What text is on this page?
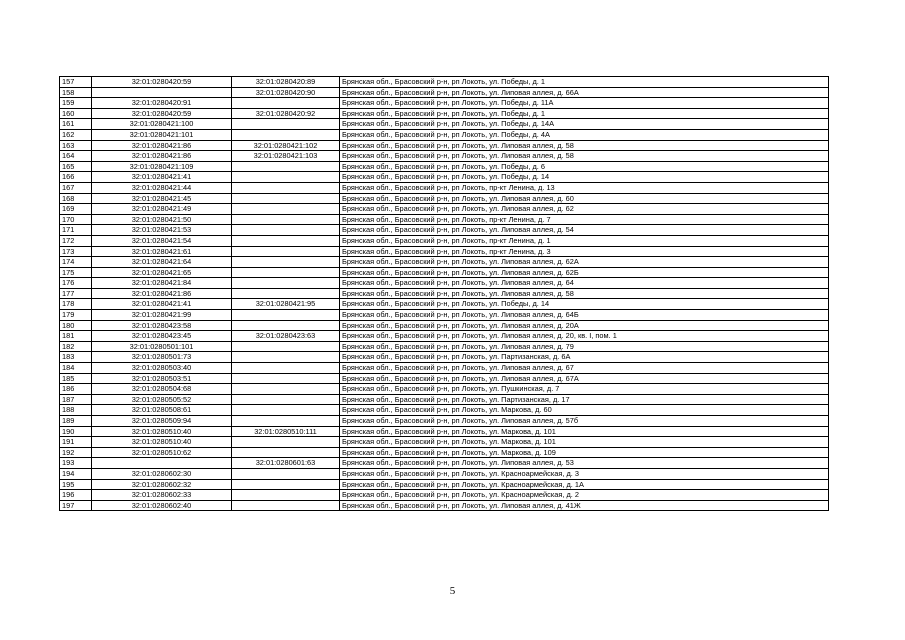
157	32:01:0280420:59	32:01:0280420:89	Брянская обл., Брасовский р-н, рп Локоть, ул. Победы, д. 1
158		32:01:0280420:90	Брянская обл., Брасовский р-н, рп Локоть, ул. Липовая аллея, д. 66А
159	32:01:0280420:91		Брянская обл., Брасовский р-н, рп Локоть, ул. Победы, д. 11А
160	32:01:0280420:59	32:01:0280420:92	Брянская обл., Брасовский р-н, рп Локоть, ул. Победы, д. 1
161	32:01:0280421:100		Брянская обл., Брасовский р-н, рп Локоть, ул. Победы, д. 14А
162	32:01:0280421:101		Брянская обл., Брасовский р-н, рп Локоть, ул. Победы, д. 4А
163	32:01:0280421:86	32:01:0280421:102	Брянская обл., Брасовский р-н, рп Локоть, ул. Липовая аллея, д. 58
164	32:01:0280421:86	32:01:0280421:103	Брянская обл., Брасовский р-н, рп Локоть, ул. Липовая аллея, д. 58
165	32:01:0280421:109		Брянская обл., Брасовский р-н, рп Локоть, ул. Победы, д. 6
166	32:01:0280421:41		Брянская обл., Брасовский р-н, рп Локоть, ул. Победы, д. 14
167	32:01:0280421:44		Брянская обл., Брасовский р-н, рп Локоть, пр-кт Ленина, д. 13
168	32:01:0280421:45		Брянская обл., Брасовский р-н, рп Локоть, ул. Липовая аллея, д. 60
169	32:01:0280421:49		Брянская обл., Брасовский р-н, рп Локоть, ул. Липовая аллея, д. 62
170	32:01:0280421:50		Брянская обл., Брасовский р-н, рп Локоть, пр-кт Ленина, д. 7
171	32:01:0280421:53		Брянская обл., Брасовский р-н, рп Локоть, ул. Липовая аллея, д. 54
172	32:01:0280421:54		Брянская обл., Брасовский р-н, рп Локоть, пр-кт Ленина, д. 1
173	32:01:0280421:61		Брянская обл., Брасовский р-н, рп Локоть, пр-кт Ленина, д. 3
174	32:01:0280421:64		Брянская обл., Брасовский р-н, рп Локоть, ул. Липовая аллея, д. 62А
175	32:01:0280421:65		Брянская обл., Брасовский р-н, рп Локоть, ул. Липовая аллея, д. 62Б
176	32:01:0280421:84		Брянская обл., Брасовский р-н, рп Локоть, ул. Липовая аллея, д. 64
177	32:01:0280421:86		Брянская обл., Брасовский р-н, рп Локоть, ул. Липовая аллея, д. 58
178	32:01:0280421:41	32:01:0280421:95	Брянская обл., Брасовский р-н, рп Локоть, ул. Победы, д. 14
179	32:01:0280421:99		Брянская обл., Брасовский р-н, рп Локоть, ул. Липовая аллея, д. 64Б
180	32:01:0280423:58		Брянская обл., Брасовский р-н, рп Локоть, ул. Липовая аллея, д. 20А
181	32:01:0280423:45	32:01:0280423:63	Брянская обл., Брасовский р-н, рп Локоть, ул. Липовая аллея, д. 20, кв. I, пом. 1
182	32:01:0280501:101		Брянская обл., Брасовский р-н, рп Локоть, ул. Липовая аллея, д. 79
183	32:01:0280501:73		Брянская обл., Брасовский р-н, рп Локоть, ул. Партизанская, д. 6А
184	32:01:0280503:40		Брянская обл., Брасовский р-н, рп Локоть, ул. Липовая аллея, д. 67
185	32:01:0280503:51		Брянская обл., Брасовский р-н, рп Локоть, ул. Липовая аллея, д. 67А
186	32:01:0280504:68		Брянская обл., Брасовский р-н, рп Локоть, ул. Пушкинская, д. 7
187	32:01:0280505:52		Брянская обл., Брасовский р-н, рп Локоть, ул. Партизанская, д. 17
188	32:01:0280508:61		Брянская обл., Брасовский р-н, рп Локоть, ул. Маркова, д. 60
189	32:01:0280509:94		Брянская обл., Брасовский р-н, рп Локоть, ул. Липовая аллея, д. 57б
190	32:01:0280510:40	32:01:0280510:111	Брянская обл., Брасовский р-н, рп Локоть, ул. Маркова, д. 101
191	32:01:0280510:40		Брянская обл., Брасовский р-н, рп Локоть, ул. Маркова, д. 101
192	32:01:0280510:62		Брянская обл., Брасовский р-н, рп Локоть, ул. Маркова, д. 109
193		32:01:0280601:63	Брянская обл., Брасовский р-н, рп Локоть, ул. Липовая аллея, д. 53
194	32:01:0280602:30		Брянская обл., Брасовский р-н, рп Локоть, ул. Красноармейская, д. 3
195	32:01:0280602:32		Брянская обл., Брасовский р-н, рп Локоть, ул. Красноармейская, д. 1А
196	32:01:0280602:33		Брянская обл., Брасовский р-н, рп Локоть, ул. Красноармейская, д. 2
197	32:01:0280602:40		Брянская обл., Брасовский р-н, рп Локоть, ул. Липовая аллея, д. 41Ж
5
